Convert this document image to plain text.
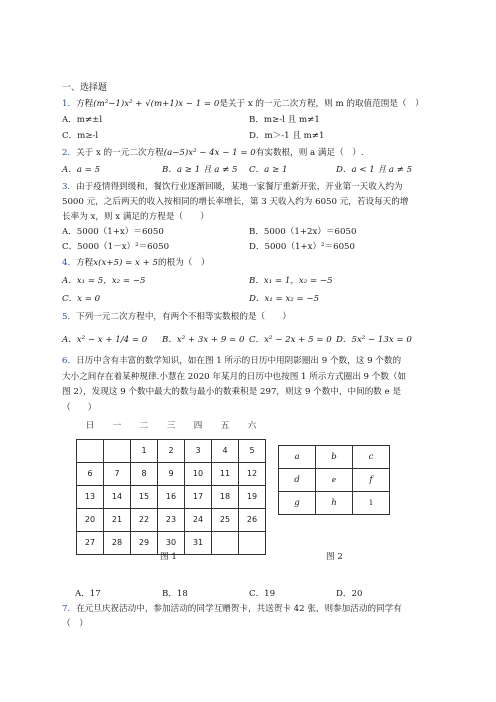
一、选择题
1．方程(m²−1)x² + √(m+1)x − 1 = 0是关于 x 的一元二次方程，则 m 的取值范围是（　）
A．m≠±l	B．m≥-l 且 m≠1
C．m≥-l	D．m＞-1 且 m≠1
2．关于 x 的一元二次方程(a−5)x² − 4x − 1 = 0有实数根，则 a 满足（　）.
A．a = 5	B．a ≥ 1 且 a ≠ 5 C．a ≥ 1	D．a < 1 且 a ≠ 5
3．由于疫情得到缓和，餐饮行业逐渐回暖，某地一家餐厅重新开张，开业第一天收入约为
5000 元，之后两天的收入按相同的增长率增长，第 3 天收入约为 6050 元，若设每天的增
长率为 x，则 x 满足的方程是（　　）
A．5000（1+x）＝6050	B．5000（1+2x）＝6050
C．5000（1－x）²＝6050	D．5000（1+x）²＝6050
4．方程x(x+5) = x + 5的根为（　）
A．x₁ = 5，x₂ = −5	B．x₁ = 1，x₂ = −5
C．x = 0	D．x₁ = x₂ = −5
5．下列一元二次方程中，有两个不相等实数根的是（　　）
A．x² − x + 1/4 = 0 B．x² + 3x + 9 = 0 C．x² − 2x + 5 = 0 D．5x² − 13x = 0
6．日历中含有丰富的数学知识，如在图 1 所示的日历中用阴影圈出 9 个数，这 9 个数的
大小之间存在着某种规律.小慧在 2020 年某月的日历中也按图 1 所示方式圈出 9 个数（如
图 2），发现这 9 个数中最大的数与最小的数乘积是 297，则这 9 个数中，中间的数 e 是
（　　）
日	一	二	三	四	五	六
		1	2	3	4	5
6	7	8	9	10	11	12
13	14	15	16	17	18	19
20	21	22	23	24	25	26
27	28	29	30	31		
a	b	c
d	e	f
g	h	i
图 1	图 2
A．17	B．18	C．19	D．20
7．在元旦庆祝活动中，参加活动的同学互赠贺卡，共送贺卡 42 张，则参加活动的同学有
（　）
